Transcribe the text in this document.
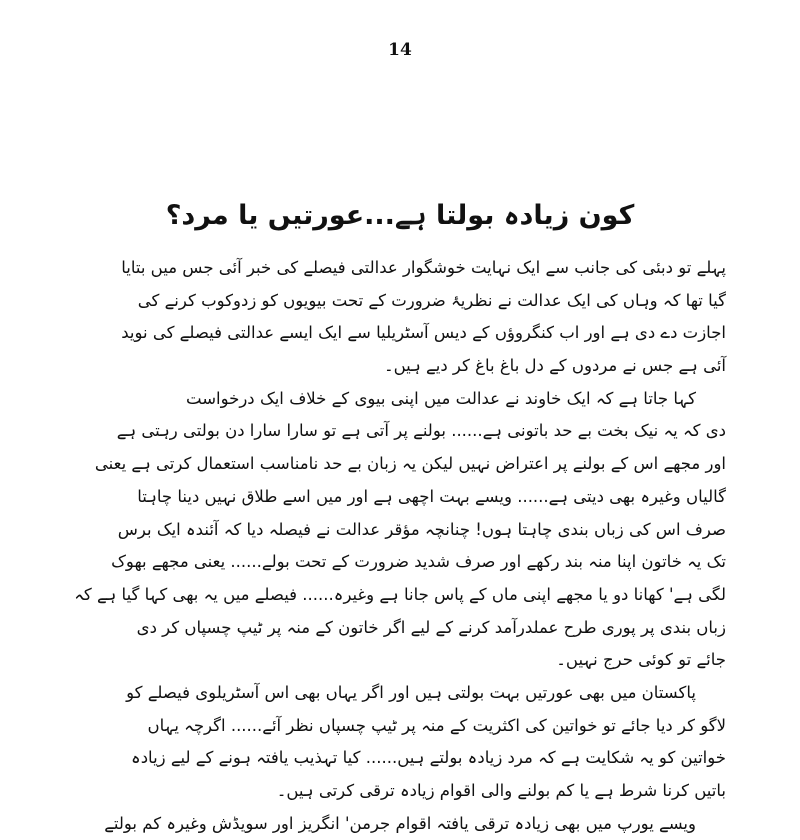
14
کون زیادہ بولتا ہے...عورتیں یا مرد؟
پہلے تو دبئی کی جانب سے ایک نہایت خوشگوار عدالتی فیصلے کی خبر آئی جس میں بتایا
گیا تھا کہ وہاں کی ایک عدالت نے نظریۂ ضرورت کے تحت بیویوں کو زدوکوب کرنے کی
اجازت دے دی ہے اور اب کنگروؤں کے دیس آسٹریلیا سے ایک ایسے عدالتی فیصلے کی نوید
آئی ہے جس نے مردوں کے دل باغ باغ کر دیے ہیں۔
کہا جاتا ہے کہ ایک خاوند نے عدالت میں اپنی بیوی کے خلاف ایک درخواست
دی کہ یہ نیک بخت بے حد باتونی ہے...... بولنے پر آتی ہے تو سارا سارا دن بولتی رہتی ہے
اور مجھے اس کے بولنے پر اعتراض نہیں لیکن یہ زبان بے حد نامناسب استعمال کرتی ہے یعنی
گالیاں وغیرہ بھی دیتی ہے...... ویسے بہت اچھی ہے اور میں اسے طلاق نہیں دینا چاہتا
صرف اس کی زباں بندی چاہتا ہوں! چنانچہ مؤقر عدالت نے فیصلہ دیا کہ آئندہ ایک برس
تک یہ خاتون اپنا منہ بند رکھے اور صرف شدید ضرورت کے تحت بولے...... یعنی مجھے بھوک
لگی ہے' کھانا دو یا مجھے اپنی ماں کے پاس جانا ہے وغیرہ...... فیصلے میں یہ بھی کہا گیا ہے کہ
زباں بندی پر پوری طرح عملدرآمد کرنے کے لیے اگر خاتون کے منہ پر ٹیپ چسپاں کر دی
جائے تو کوئی حرج نہیں۔
پاکستان میں بھی عورتیں بہت بولتی ہیں اور اگر یہاں بھی اس آسٹریلوی فیصلے کو
لاگو کر دیا جائے تو خواتین کی اکثریت کے منہ پر ٹیپ چسپاں نظر آئے...... اگرچہ یہاں
خواتین کو یہ شکایت ہے کہ مرد زیادہ بولتے ہیں...... کیا تہذیب یافتہ ہونے کے لیے زیادہ
باتیں کرنا شرط ہے یا کم بولنے والی اقوام زیادہ ترقی کرتی ہیں۔
ویسے یورپ میں بھی زیادہ ترقی یافتہ اقوام جرمن' انگریز اور سویڈش وغیرہ کم بولتے
